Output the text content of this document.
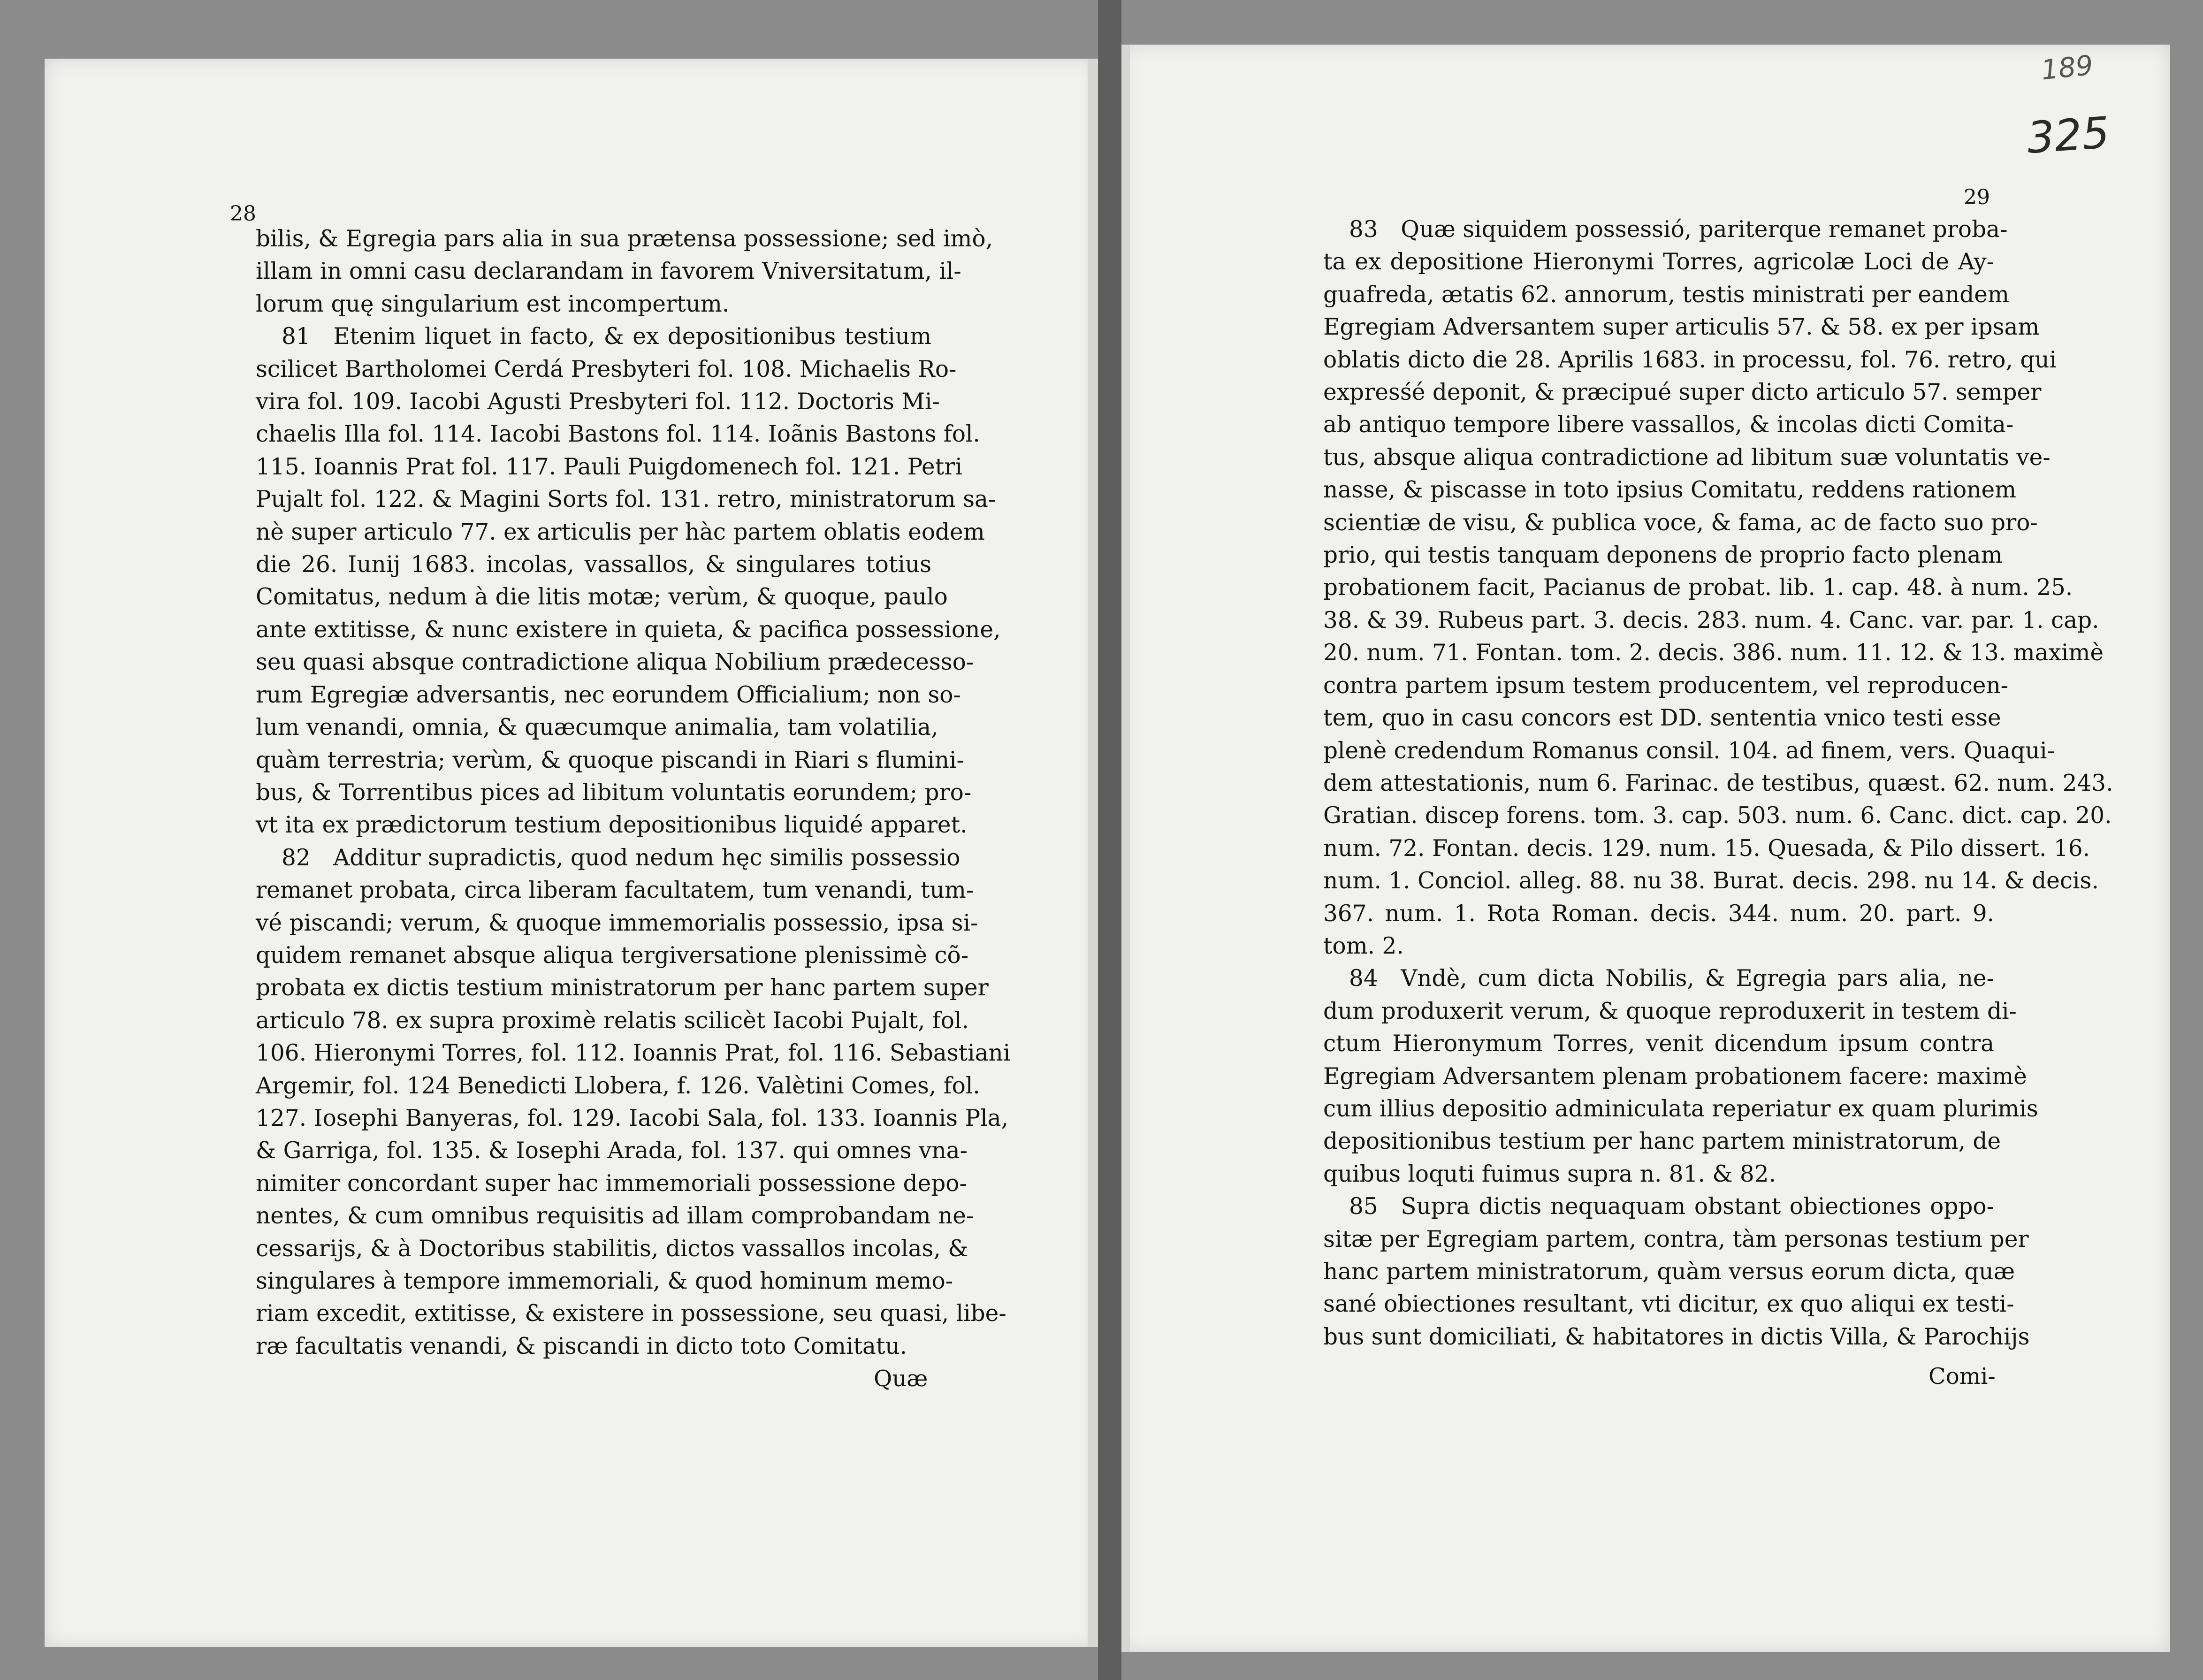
28
29
325
189
bilis, & Egregia pars alia in sua prætensa possessione; sed imò,
illam in omni casu declarandam in favorem Vniversitatum, il-
lorum quę singularium est incompertum.
81 Etenim liquet in facto, & ex depositionibus testium
scilicet Bartholomei Cerdá Presbyteri fol. 108. Michaelis Ro-
vira fol. 109. Iacobi Agusti Presbyteri fol. 112. Doctoris Mi-
chaelis Illa fol. 114. Iacobi Bastons fol. 114. Ioãnis Bastons fol.
115. Ioannis Prat fol. 117. Pauli Puigdomenech fol. 121. Petri
Pujalt fol. 122. & Magini Sorts fol. 131. retro, ministratorum sa-
nè super articulo 77. ex articulis per hàc partem oblatis eodem
die 26. Iunij 1683. incolas, vassallos, & singulares totius
Comitatus, nedum à die litis motæ; verùm, & quoque, paulo
ante extitisse, & nunc existere in quieta, & pacifica possessione,
seu quasi absque contradictione aliqua Nobilium prædecesso-
rum Egregiæ adversantis, nec eorundem Officialium; non so-
lum venandi, omnia, & quæcumque animalia, tam volatilia,
quàm terrestria; verùm, & quoque piscandi in Riari s flumini-
bus, & Torrentibus pices ad libitum voluntatis eorundem; pro-
vt ita ex prædictorum testium depositionibus liquidé apparet.
82 Additur supradictis, quod nedum hęc similis possessio
remanet probata, circa liberam facultatem, tum venandi, tum-
vé piscandi; verum, & quoque immemorialis possessio, ipsa si-
quidem remanet absque aliqua tergiversatione plenissimè cõ-
probata ex dictis testium ministratorum per hanc partem super
articulo 78. ex supra proximè relatis scilicèt Iacobi Pujalt, fol.
106. Hieronymi Torres, fol. 112. Ioannis Prat, fol. 116. Sebastiani
Argemir, fol. 124 Benedicti Llobera, f. 126. Valètini Comes, fol.
127. Iosephi Banyeras, fol. 129. Iacobi Sala, fol. 133. Ioannis Pla,
& Garriga, fol. 135. & Iosephi Arada, fol. 137. qui omnes vna-
nimiter concordant super hac immemoriali possessione depo-
nentes, & cum omnibus requisitis ad illam comprobandam ne-
cessarijs, & à Doctoribus stabilitis, dictos vassallos incolas, &
singulares à tempore immemoriali, & quod hominum memo-
riam excedit, extitisse, & existere in possessione, seu quasi, libe-
ræ facultatis venandi, & piscandi in dicto toto Comitatu.
83 Quæ siquidem possessió, pariterque remanet proba-
ta ex depositione Hieronymi Torres, agricolæ Loci de Ay-
guafreda, ætatis 62. annorum, testis ministrati per eandem
Egregiam Adversantem super articulis 57. & 58. ex per ipsam
oblatis dicto die 28. Aprilis 1683. in processu, fol. 76. retro, qui
expresśé deponit, & præcipué super dicto articulo 57. semper
ab antiquo tempore libere vassallos, & incolas dicti Comita-
tus, absque aliqua contradictione ad libitum suæ voluntatis ve-
nasse, & piscasse in toto ipsius Comitatu, reddens rationem
scientiæ de visu, & publica voce, & fama, ac de facto suo pro-
prio, qui testis tanquam deponens de proprio facto plenam
probationem facit, Pacianus de probat. lib. 1. cap. 48. à num. 25.
38. & 39. Rubeus part. 3. decis. 283. num. 4. Canc. var. par. 1. cap.
20. num. 71. Fontan. tom. 2. decis. 386. num. 11. 12. & 13. maximè
contra partem ipsum testem producentem, vel reproducen-
tem, quo in casu concors est DD. sententia vnico testi esse
plenè credendum Romanus consil. 104. ad finem, vers. Quaqui-
dem attestationis, num 6. Farinac. de testibus, quæst. 62. num. 243.
Gratian. discep forens. tom. 3. cap. 503. num. 6. Canc. dict. cap. 20.
num. 72. Fontan. decis. 129. num. 15. Quesada, & Pilo dissert. 16.
num. 1. Conciol. alleg. 88. nu 38. Burat. decis. 298. nu 14. & decis.
367. num. 1. Rota Roman. decis. 344. num. 20. part. 9.
tom. 2.
84 Vndè, cum dicta Nobilis, & Egregia pars alia, ne-
dum produxerit verum, & quoque reproduxerit in testem di-
ctum Hieronymum Torres, venit dicendum ipsum contra
Egregiam Adversantem plenam probationem facere: maximè
cum illius depositio adminiculata reperiatur ex quam plurimis
depositionibus testium per hanc partem ministratorum, de
quibus loquti fuimus supra n. 81. & 82.
85 Supra dictis nequaquam obstant obiectiones oppo-
sitæ per Egregiam partem, contra, tàm personas testium per
hanc partem ministratorum, quàm versus eorum dicta, quæ
sané obiectiones resultant, vti dicitur, ex quo aliqui ex testi-
bus sunt domiciliati, & habitatores in dictis Villa, & Parochijs
Quæ	Comi-
